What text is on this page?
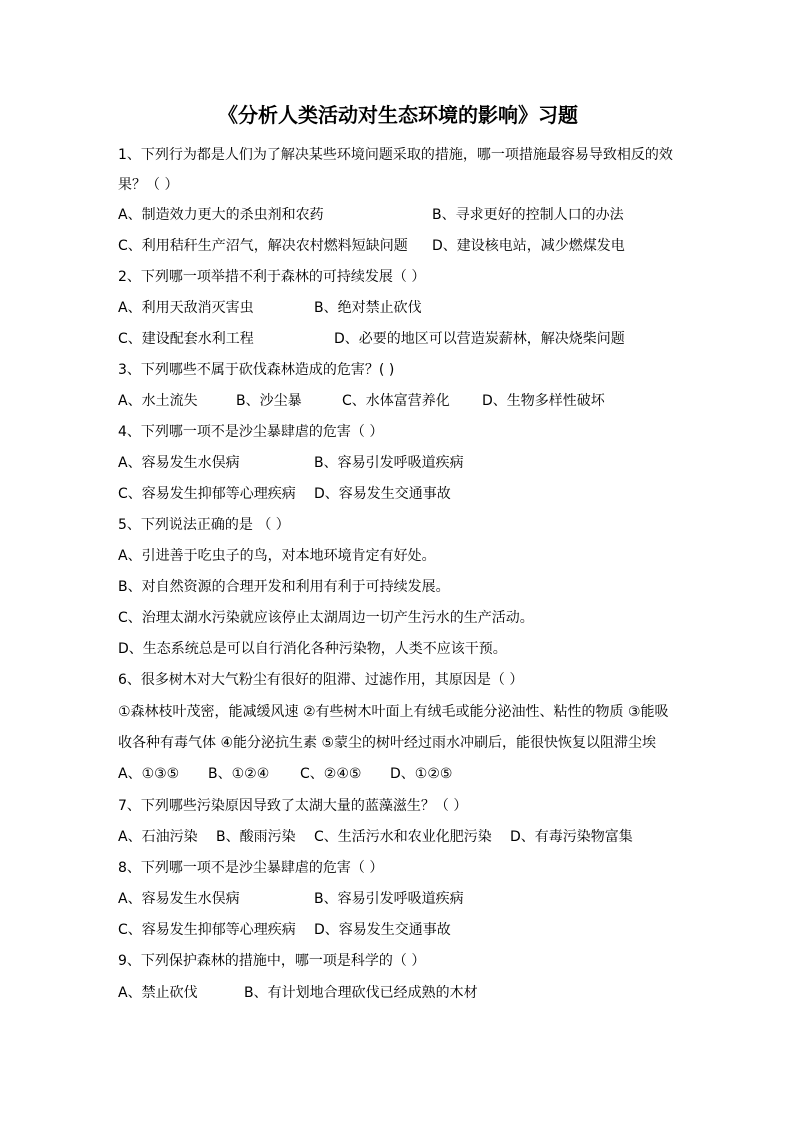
《分析人类活动对生态环境的影响》习题
1、下列行为都是人们为了解决某些环境问题采取的措施，哪一项措施最容易导致相反的效
果？（ ）
A、制造效力更大的杀虫剂和农药	B、寻求更好的控制人口的办法
C、利用秸秆生产沼气，解决农村燃料短缺问题 D、建设核电站，减少燃煤发电
2、下列哪一项举措不利于森林的可持续发展（ ）
A、利用天敌消灭害虫	B、绝对禁止砍伐
C、建设配套水利工程	D、必要的地区可以营造炭薪林，解决烧柴问题
3、下列哪些不属于砍伐森林造成的危害？( )
A、水土流失	B、沙尘暴	C、水体富营养化 D、生物多样性破坏
4、下列哪一项不是沙尘暴肆虐的危害（ ）
A、容易发生水俣病	B、容易引发呼吸道疾病
C、容易发生抑郁等心理疾病 D、容易发生交通事故
5、下列说法正确的是 （ ）
A、引进善于吃虫子的鸟，对本地环境肯定有好处。
B、对自然资源的合理开发和利用有利于可持续发展。
C、治理太湖水污染就应该停止太湖周边一切产生污水的生产活动。
D、生态系统总是可以自行消化各种污染物，人类不应该干预。
6、很多树木对大气粉尘有很好的阻滞、过滤作用，其原因是（ ）
①森林枝叶茂密，能减缓风速 ②有些树木叶面上有绒毛或能分泌油性、粘性的物质 ③能吸
收各种有毒气体 ④能分泌抗生素 ⑤蒙尘的树叶经过雨水冲刷后，能很快恢复以阻滞尘埃
A、①③⑤ B、①②④ C、②④⑤ D、①②⑤
7、下列哪些污染原因导致了太湖大量的蓝藻滋生？（ ）
A、石油污染 B、酸雨污染 C、生活污水和农业化肥污染 D、有毒污染物富集
8、下列哪一项不是沙尘暴肆虐的危害（ ）
A、容易发生水俣病	B、容易引发呼吸道疾病
C、容易发生抑郁等心理疾病 D、容易发生交通事故
9、下列保护森林的措施中，哪一项是科学的（ ）
A、禁止砍伐	B、有计划地合理砍伐已经成熟的木材
